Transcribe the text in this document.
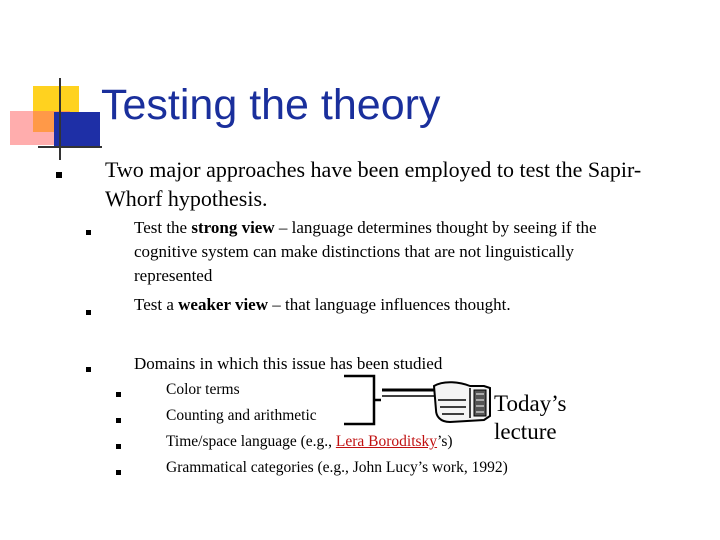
Testing the theory
Two major approaches have been employed to test the Sapir-
Whorf hypothesis.
Test the strong view – language determines thought by seeing if the
cognitive system can make distinctions that are not linguistically
represented
Test a weaker view – that language influences thought.
Domains in which this issue has been studied
Color terms
Counting and arithmetic
Time/space language (e.g., Lera Boroditsky’s)
Grammatical categories (e.g., John Lucy’s work, 1992)
Today’s
lecture
